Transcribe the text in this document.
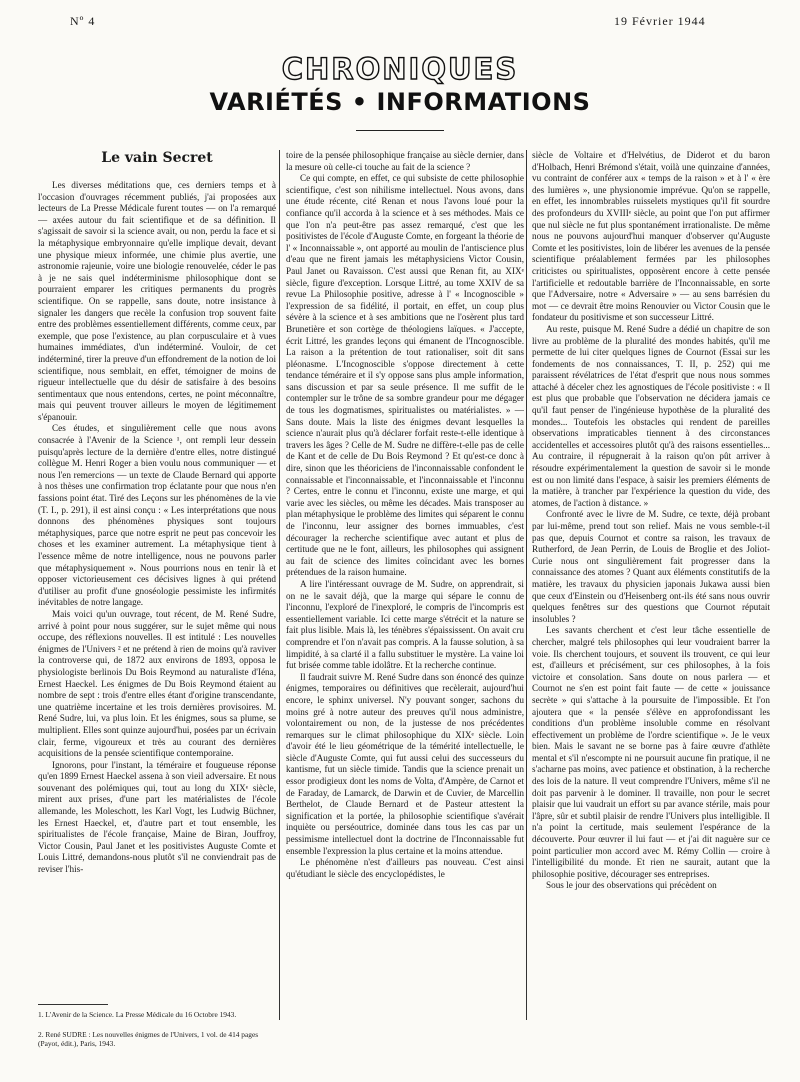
Nº 4	19 Février 1944
CHRONIQUES
VARIÉTÉS • INFORMATIONS
Le vain Secret

Les diverses méditations que, ces derniers temps et à l'occasion d'ouvrages récemment publiés, j'ai proposées aux lecteurs de La Presse Médicale furent toutes — on l'a remarqué — axées autour du fait scientifique et de sa définition. Il s'agissait de savoir si la science avait, ou non, perdu la face et si la métaphysique embryonnaire qu'elle implique devait, devant une physique mieux informée, une chimie plus avertie, une astronomie rajeunie, voire une biologie renouvelée, céder le pas à je ne sais quel indéterminisme philosophique dont se pourraient emparer les critiques permanents du progrès scientifique. On se rappelle, sans doute, notre insistance à signaler les dangers que recèle la confusion trop souvent faite entre des problèmes essentiellement différents, comme ceux, par exemple, que pose l'existence, au plan corpusculaire et à vues humaines immédiates, d'un indéterminé. Vouloir, de cet indéterminé, tirer la preuve d'un effondrement de la notion de loi scientifique, nous semblait, en effet, témoigner de moins de rigueur intellectuelle que du désir de satisfaire à des besoins sentimentaux que nous entendons, certes, ne point méconnaître, mais qui peuvent trouver ailleurs le moyen de légitimement s'épanouir.

Ces études, et singulièrement celle que nous avons consacrée à l'Avenir de la Science ¹, ont rempli leur dessein puisqu'après lecture de la dernière d'entre elles, notre distingué collègue M. Henri Roger a bien voulu nous communiquer — et nous l'en remercions — un texte de Claude Bernard qui apporte à nos thèses une confirmation trop éclatante pour que nous n'en fassions point état. Tiré des Leçons sur les phénomènes de la vie (T. I., p. 291), il est ainsi conçu : « Les interprétations que nous donnons des phénomènes physiques sont toujours métaphysiques, parce que notre esprit ne peut pas concevoir les choses et les examiner autrement. La métaphysique tient à l'essence même de notre intelligence, nous ne pouvons parler que métaphysiquement ». Nous pourrions nous en tenir là et opposer victorieusement ces décisives lignes à qui prétend d'utiliser au profit d'une gnoséologie pessimiste les infirmités inévitables de notre langage.

Mais voici qu'un ouvrage, tout récent, de M. René Sudre, arrivé à point pour nous suggérer, sur le sujet même qui nous occupe, des réflexions nouvelles. Il est intitulé : Les nouvelles énigmes de l'Univers ² et ne prétend à rien de moins qu'à raviver la controverse qui, de 1872 aux environs de 1893, opposa le physiologiste berlinois Du Bois Reymond au naturaliste d'Iéna, Ernest Haeckel. Les énigmes de Du Bois Reymond étaient au nombre de sept : trois d'entre elles étant d'origine transcendante, une quatrième incertaine et les trois dernières provisoires. M. René Sudre, lui, va plus loin. Et les énigmes, sous sa plume, se multiplient. Elles sont quinze aujourd'hui, posées par un écrivain clair, ferme, vigoureux et très au courant des dernières acquisitions de la pensée scientifique contemporaine.

Ignorons, pour l'instant, la téméraire et fougueuse réponse qu'en 1899 Ernest Haeckel assena à son vieil adversaire. Et nous souvenant des polémiques qui, tout au long du XIXᵉ siècle, mirent aux prises, d'une part les matérialistes de l'école allemande, les Moleschott, les Karl Vogt, les Ludwig Büchner, les Ernest Haeckel, et, d'autre part et tout ensemble, les spiritualistes de l'école française, Maine de Biran, Jouffroy, Victor Cousin, Paul Janet et les positivistes Auguste Comte et Louis Littré, demandons-nous plutôt s'il ne conviendrait pas de reviser l'his-

toire de la pensée philosophique française au siècle dernier, dans la mesure où celle-ci touche au fait de la science ?

Ce qui compte, en effet, ce qui subsiste de cette philosophie scientifique, c'est son nihilisme intellectuel. Nous avons, dans une étude récente, cité Renan et nous l'avons loué pour la confiance qu'il accorda à la science et à ses méthodes. Mais ce que l'on n'a peut-être pas assez remarqué, c'est que les positivistes de l'école d'Auguste Comte, en forgeant la théorie de l' « Inconnaissable », ont apporté au moulin de l'antiscience plus d'eau que ne firent jamais les métaphysiciens Victor Cousin, Paul Janet ou Ravaisson. C'est aussi que Renan fit, au XIXᵉ siècle, figure d'exception. Lorsque Littré, au tome XXIV de sa revue La Philosophie positive, adresse à l' « Incognoscible » l'expression de sa fidélité, il portait, en effet, un coup plus sévère à la science et à ses ambitions que ne l'osèrent plus tard Brunetière et son cortège de théologiens laïques. « J'accepte, écrit Littré, les grandes leçons qui émanent de l'Incognoscible. La raison a la prétention de tout rationaliser, soit dit sans pléonasme. L'Incognoscible s'oppose directement à cette tendance téméraire et il s'y oppose sans plus ample information, sans discussion et par sa seule présence. Il me suffit de le contempler sur le trône de sa sombre grandeur pour me dégager de tous les dogmatismes, spiritualistes ou matérialistes. » — Sans doute. Mais la liste des énigmes devant lesquelles la science n'aurait plus qu'à déclarer forfait reste-t-elle identique à travers les âges ? Celle de M. Sudre ne diffère-t-elle pas de celle de Kant et de celle de Du Bois Reymond ? Et qu'est-ce donc à dire, sinon que les théoriciens de l'inconnaissable confondent le connaissable et l'inconnaissable, et l'inconnaissable et l'inconnu ? Certes, entre le connu et l'inconnu, existe une marge, et qui varie avec les siècles, ou même les décades. Mais transposer au plan métaphysique le problème des limites qui séparent le connu de l'inconnu, leur assigner des bornes immuables, c'est décourager la recherche scientifique avec autant et plus de certitude que ne le font, ailleurs, les philosophes qui assignent au fait de science des limites coïncidant avec les bornes prétendues de la raison humaine.

A lire l'intéressant ouvrage de M. Sudre, on apprendrait, si on ne le savait déjà, que la marge qui sépare le connu de l'inconnu, l'exploré de l'inexploré, le compris de l'incompris est essentiellement variable. Ici cette marge s'étrécit et la nature se fait plus lisible. Mais là, les ténèbres s'épaississent. On avait cru comprendre et l'on n'avait pas compris. A la fausse solution, à sa limpidité, à sa clarté il a fallu substituer le mystère. La vaine loi fut brisée comme table idolâtre. Et la recherche continue.

Il faudrait suivre M. René Sudre dans son énoncé des quinze énigmes, temporaires ou définitives que recèlerait, aujourd'hui encore, le sphinx universel. N'y pouvant songer, sachons du moins gré à notre auteur des preuves qu'il nous administre, volontairement ou non, de la justesse de nos précédentes remarques sur le climat philosophique du XIXᵉ siècle. Loin d'avoir été le lieu géométrique de la témérité intellectuelle, le siècle d'Auguste Comte, qui fut aussi celui des successeurs du kantisme, fut un siècle timide. Tandis que la science prenait un essor prodigieux dont les noms de Volta, d'Ampère, de Carnot et de Faraday, de Lamarck, de Darwin et de Cuvier, de Marcellin Berthelot, de Claude Bernard et de Pasteur attestent la signification et la portée, la philosophie scientifique s'avérait inquiète ou perséoutrice, dominée dans tous les cas par un pessimisme intellectuel dont la doctrine de l'Inconnaissable fut ensemble l'expression la plus certaine et la moins attendue.

Le phénomène n'est d'ailleurs pas nouveau. C'est ainsi qu'étudiant le siècle des encyclopédistes, le

siècle de Voltaire et d'Helvétius, de Diderot et du baron d'Holbach, Henri Brémond s'était, voilà une quinzaine d'années, vu contraint de conférer aux « temps de la raison » et à l' « ère des lumières », une physionomie imprévue. Qu'on se rappelle, en effet, les innombrables ruisselets mystiques qu'il fit sourdre des profondeurs du XVIIIᵉ siècle, au point que l'on put affirmer que nul siècle ne fut plus spontanément irrationaliste. De même nous ne pouvons aujourd'hui manquer d'observer qu'Auguste Comte et les positivistes, loin de libérer les avenues de la pensée scientifique préalablement fermées par les philosophes criticistes ou spiritualistes, opposèrent encore à cette pensée l'artificielle et redoutable barrière de l'Inconnaissable, en sorte que l'Adversaire, notre « Adversaire » — au sens barrésien du mot — ce devrait être moins Renouvier ou Victor Cousin que le fondateur du positivisme et son successeur Littré.

Au reste, puisque M. René Sudre a dédié un chapitre de son livre au problème de la pluralité des mondes habités, qu'il me permette de lui citer quelques lignes de Cournot (Essai sur les fondements de nos connaissances, T. II, p. 252) qui me paraissent révélatrices de l'état d'esprit que nous nous sommes attaché à déceler chez les agnostiques de l'école positiviste : « Il est plus que probable que l'observation ne décidera jamais ce qu'il faut penser de l'ingénieuse hypothèse de la pluralité des mondes... Toutefois les obstacles qui rendent de pareilles observations impraticables tiennent à des circonstances accidentelles et accessoires plutôt qu'à des raisons essentielles... Au contraire, il répugnerait à la raison qu'on pût arriver à résoudre expérimentalement la question de savoir si le monde est ou non limité dans l'espace, à saisir les premiers éléments de la matière, à trancher par l'expérience la question du vide, des atomes, de l'action à distance. »

Confronté avec le livre de M. Sudre, ce texte, déjà probant par lui-même, prend tout son relief. Mais ne vous semble-t-il pas que, depuis Cournot et contre sa raison, les travaux de Rutherford, de Jean Perrin, de Louis de Broglie et des Joliot-Curie nous ont singulièrement fait progresser dans la connaissance des atomes ? Quant aux éléments constitutifs de la matière, les travaux du physicien japonais Jukawa aussi bien que ceux d'Einstein ou d'Heisenberg ont-ils été sans nous ouvrir quelques fenêtres sur des questions que Cournot réputait insolubles ?

Les savants cherchent et c'est leur tâche essentielle de chercher, malgré tels philosophes qui leur voudraient barrer la voie. Ils cherchent toujours, et souvent ils trouvent, ce qui leur est, d'ailleurs et précisément, sur ces philosophes, à la fois victoire et consolation. Sans doute on nous parlera — et Cournot ne s'en est point fait faute — de cette « jouissance secrète » qui s'attache à la poursuite de l'impossible. Et l'on ajoutera que « la pensée s'élève en approfondissant les conditions d'un problème insoluble comme en résolvant effectivement un problème de l'ordre scientifique ». Je le veux bien. Mais le savant ne se borne pas à faire œuvre d'athlète mental et s'il n'escompte ni ne poursuit aucune fin pratique, il ne s'acharne pas moins, avec patience et obstination, à la recherche des lois de la nature. Il veut comprendre l'Univers, même s'il ne doit pas parvenir à le dominer. Il travaille, non pour le secret plaisir que lui vaudrait un effort su par avance stérile, mais pour l'âpre, sûr et subtil plaisir de rendre l'Univers plus intelligible. Il n'a point la certitude, mais seulement l'espérance de la découverte. Pour œuvrer il lui faut — et j'ai dit naguère sur ce point particulier mon accord avec M. Rémy Collin — croire à l'intelligibilité du monde. Et rien ne saurait, autant que la philosophie positive, décourager ses entreprises.

Sous le jour des observations qui précèdent on

1. L'Avenir de la Science. La Presse Médicale du 16 Octobre 1943.
2. René SUDRE : Les nouvelles énigmes de l'Univers, 1 vol. de 414 pages (Payot, édit.), Paris, 1943.
